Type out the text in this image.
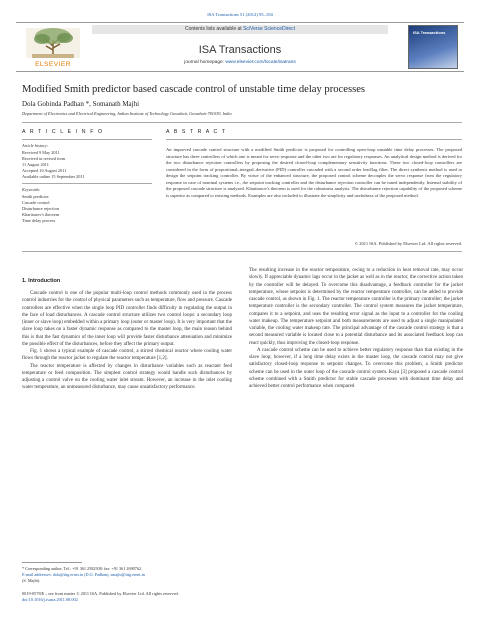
ISA Transactions 51 (2012) 95–104
ELSEVIER
Contents lists available at SciVerse ScienceDirect
ISA Transactions
journal homepage: www.elsevier.com/locate/isatrans
ISA Transactions
Modified Smith predictor based cascade control of unstable time delay processes
Dola Gobinda Padhan *, Somanath Majhi
Department of Electronics and Electrical Engineering, Indian Institute of Technology Guwahati, Guwahati-781039, India
A R T I C L E I N F O
Article history:
Received 9 May 2011
Received in revised form
11 August 2011
Accepted 16 August 2011
Available online 15 September 2011
Keywords:
Smith predictor
Cascade control
Disturbance rejection
Kharitonov's theorem
Time delay process
A B S T R A C T
An improved cascade control structure with a modified Smith predictor is proposed for controlling open-loop unstable time delay processes. The proposed structure has three controllers of which one is meant for servo response and the other two are for regulatory responses. An analytical design method is derived for the two disturbance rejection controllers by proposing the desired closed-loop complementary sensitivity functions. These two closed-loop controllers are considered in the form of proportional–integral–derivative (PID) controller cascaded with a second order lead/lag filter. The direct synthesis method is used to design the setpoint tracking controller. By virtue of the enhanced structure, the proposed control scheme decouples the servo response from the regulatory response in case of nominal systems i.e., the setpoint tracking controller and the disturbance rejection controller can be tuned independently. Internal stability of the proposed cascade structure is analyzed. Kharitonov's theorem is used for the robustness analysis. The disturbance rejection capability of the proposed scheme is superior as compared to existing methods. Examples are also included to illustrate the simplicity and usefulness of the proposed method.
© 2011 ISA. Published by Elsevier Ltd. All rights reserved.
1. Introduction

Cascade control is one of the popular multi-loop control methods commonly used in the process control industries for the control of physical parameters such as temperature, flow and pressure. Cascade controllers are effective when the single loop PID controller finds difficulty in regulating the output in the face of load disturbances. A cascade control structure utilizes two control loops: a secondary loop (inner or slave loop) embedded within a primary loop (outer or master loop). It is very important that the slave loop takes on a faster dynamic response as compared to the master loop, the main reason behind this is that the fast dynamics of the inner loop will provide faster disturbance attenuation and minimize the possible effect of the disturbances, before they affect the primary output.

Fig. 1 shows a typical example of cascade control, a stirred chemical reactor where cooling water flows through the reactor jacket to regulate the reactor temperature [1,2].

The reactor temperature is affected by changes in disturbance variables such as reactant feed temperature or feed composition. The simplest control strategy would handle such disturbances by adjusting a control valve on the cooling water inlet stream. However, an increase in the inlet cooling water temperature, an unmeasured disturbance, may cause unsatisfactory performance.

The resulting increase in the reactor temperature, owing to a reduction in heat removal rate, may occur slowly. If appreciable dynamic lags occur in the jacket as well as in the reactor, the corrective action taken by the controller will be delayed. To overcome this disadvantage, a feedback controller for the jacket temperature, whose setpoint is determined by the reactor temperature controller, can be added to provide cascade control, as shown in Fig. 1. The reactor temperature controller is the primary controller; the jacket temperature controller is the secondary controller. The control system measures the jacket temperature, compares it to a setpoint, and uses the resulting error signal as the input to a controller for the cooling water makeup. The temperature setpoint and both measurements are used to adjust a single manipulated variable, the cooling water makeup rate. The principal advantage of the cascade control strategy is that a second measured variable is located close to a potential disturbance and its associated feedback loop can react quickly, thus improving the closed-loop response.

A cascade control scheme can be used to achieve better regulatory response than that existing in the slave loop; however, if a long time delay exists in the master loop, the cascade control may not give satisfactory closed-loop response to setpoint changes. To overcome this problem, a Smith predictor scheme can be used in the outer loop of the cascade control system. Kaya [3] proposed a cascade control scheme combined with a Smith predictor for stable cascade processes with dominant time delay and achieved better control performance when compared

* Corresponding author. Tel.: +91 361 2582508; fax: +91 361 2690762.
E-mail addresses: dola@iitg.ernet.in (D.G. Padhan), smajhi@iitg.ernet.in
(S. Majhi).
0019-0578/$ – see front matter © 2011 ISA. Published by Elsevier Ltd. All rights reserved.
doi:10.1016/j.isatra.2011.08.002
